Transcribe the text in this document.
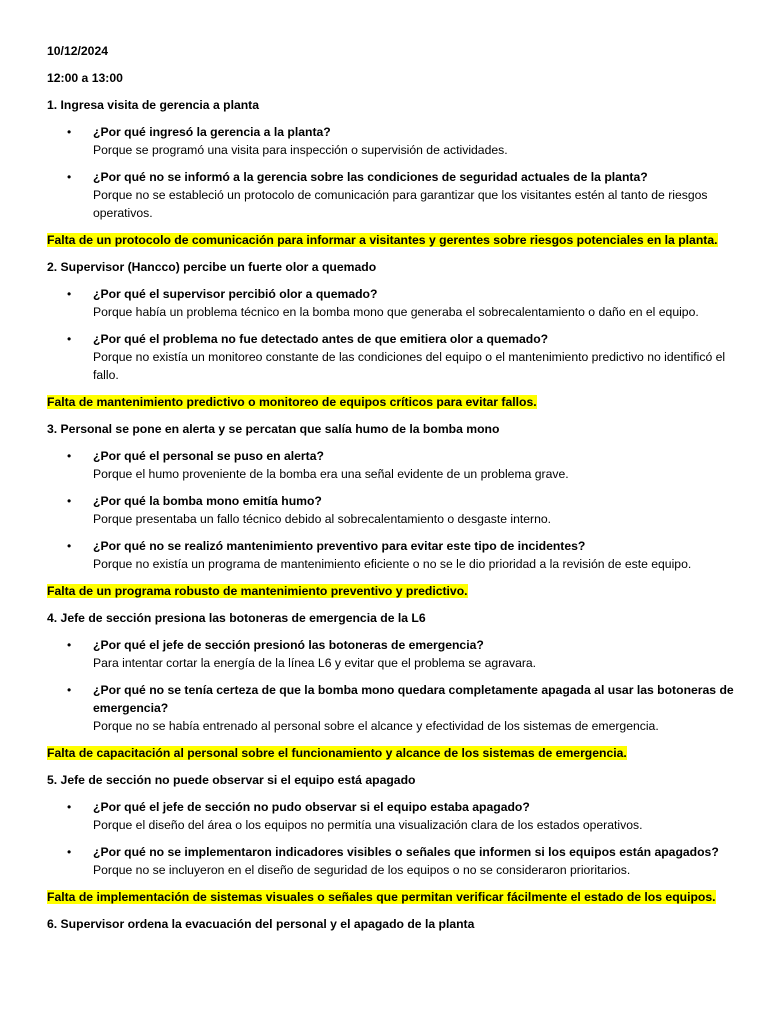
10/12/2024

12:00 a 13:00

1. Ingresa visita de gerencia a planta

• ¿Por qué ingresó la gerencia a la planta?
Porque se programó una visita para inspección o supervisión de actividades.
• ¿Por qué no se informó a la gerencia sobre las condiciones de seguridad actuales de la planta?
Porque no se estableció un protocolo de comunicación para garantizar que los visitantes estén al tanto de riesgos operativos.

Falta de un protocolo de comunicación para informar a visitantes y gerentes sobre riesgos potenciales en la planta.

2. Supervisor (Hancco) percibe un fuerte olor a quemado

• ¿Por qué el supervisor percibió olor a quemado?
Porque había un problema técnico en la bomba mono que generaba el sobrecalentamiento o daño en el equipo.
• ¿Por qué el problema no fue detectado antes de que emitiera olor a quemado?
Porque no existía un monitoreo constante de las condiciones del equipo o el mantenimiento predictivo no identificó el fallo.

Falta de mantenimiento predictivo o monitoreo de equipos críticos para evitar fallos.

3. Personal se pone en alerta y se percatan que salía humo de la bomba mono

• ¿Por qué el personal se puso en alerta?
Porque el humo proveniente de la bomba era una señal evidente de un problema grave.
• ¿Por qué la bomba mono emitía humo?
Porque presentaba un fallo técnico debido al sobrecalentamiento o desgaste interno.
• ¿Por qué no se realizó mantenimiento preventivo para evitar este tipo de incidentes?
Porque no existía un programa de mantenimiento eficiente o no se le dio prioridad a la revisión de este equipo.

Falta de un programa robusto de mantenimiento preventivo y predictivo.

4. Jefe de sección presiona las botoneras de emergencia de la L6

• ¿Por qué el jefe de sección presionó las botoneras de emergencia?
Para intentar cortar la energía de la línea L6 y evitar que el problema se agravara.
• ¿Por qué no se tenía certeza de que la bomba mono quedara completamente apagada al usar las botoneras de emergencia?
Porque no se había entrenado al personal sobre el alcance y efectividad de los sistemas de emergencia.

Falta de capacitación al personal sobre el funcionamiento y alcance de los sistemas de emergencia.

5. Jefe de sección no puede observar si el equipo está apagado

• ¿Por qué el jefe de sección no pudo observar si el equipo estaba apagado?
Porque el diseño del área o los equipos no permitía una visualización clara de los estados operativos.
• ¿Por qué no se implementaron indicadores visibles o señales que informen si los equipos están apagados?
Porque no se incluyeron en el diseño de seguridad de los equipos o no se consideraron prioritarios.

Falta de implementación de sistemas visuales o señales que permitan verificar fácilmente el estado de los equipos.

6. Supervisor ordena la evacuación del personal y el apagado de la planta
